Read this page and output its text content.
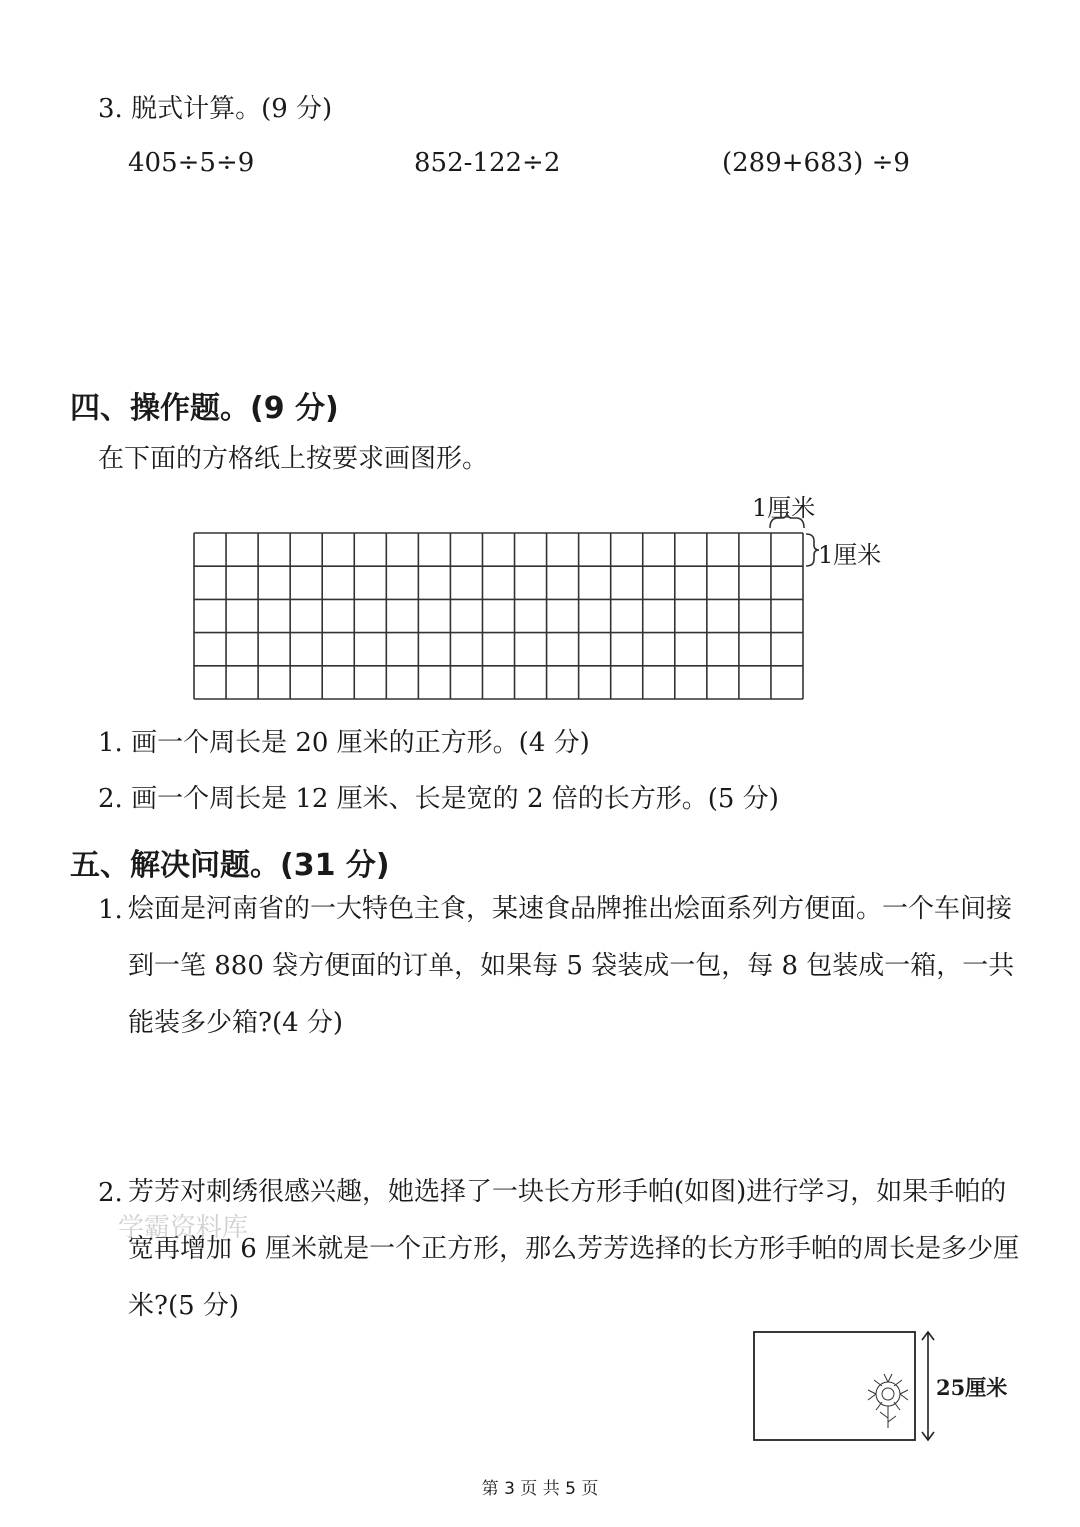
3. 脱式计算。(9 分)
405÷5÷9	852-122÷2	(289+683) ÷9
四、操作题。(9 分)
在下面的方格纸上按要求画图形。
1厘米
1厘米
1. 画一个周长是 20 厘米的正方形。(4 分)
2. 画一个周长是 12 厘米、长是宽的 2 倍的长方形。(5 分)
五、解决问题。(31 分)
1. 烩面是河南省的一大特色主食，某速食品牌推出烩面系列方便面。一个车间接到一笔 880 袋方便面的订单，如果每 5 袋装成一包，每 8 包装成一箱，一共能装多少箱?(4 分)
2. 芳芳对刺绣很感兴趣，她选择了一块长方形手帕(如图)进行学习，如果手帕的宽再增加 6 厘米就是一个正方形，那么芳芳选择的长方形手帕的周长是多少厘米?(5 分)
学霸资料库
25厘米
第 3 页 共 5 页
